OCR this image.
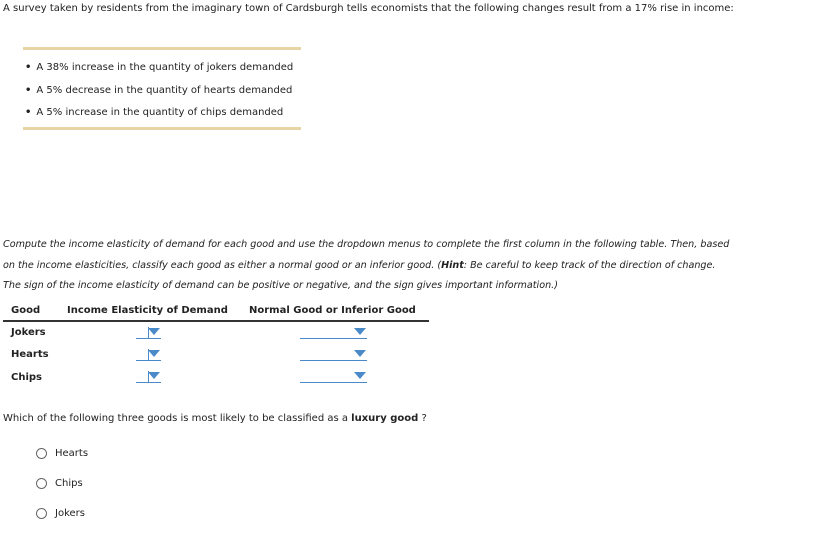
A survey taken by residents from the imaginary town of Cardsburgh tells economists that the following changes result from a 17% rise in income:
• A 38% increase in the quantity of jokers demanded
• A 5% decrease in the quantity of hearts demanded
• A 5% increase in the quantity of chips demanded
Compute the income elasticity of demand for each good and use the dropdown menus to complete the first column in the following table. Then, based
on the income elasticities, classify each good as either a normal good or an inferior good. (Hint: Be careful to keep track of the direction of change.
The sign of the income elasticity of demand can be positive or negative, and the sign gives important information.)
Good	Income Elasticity of Demand Normal Good or Inferior Good
Jokers
Hearts
Chips
Which of the following three goods is most likely to be classified as a luxury good ?
Hearts
Chips
Jokers
